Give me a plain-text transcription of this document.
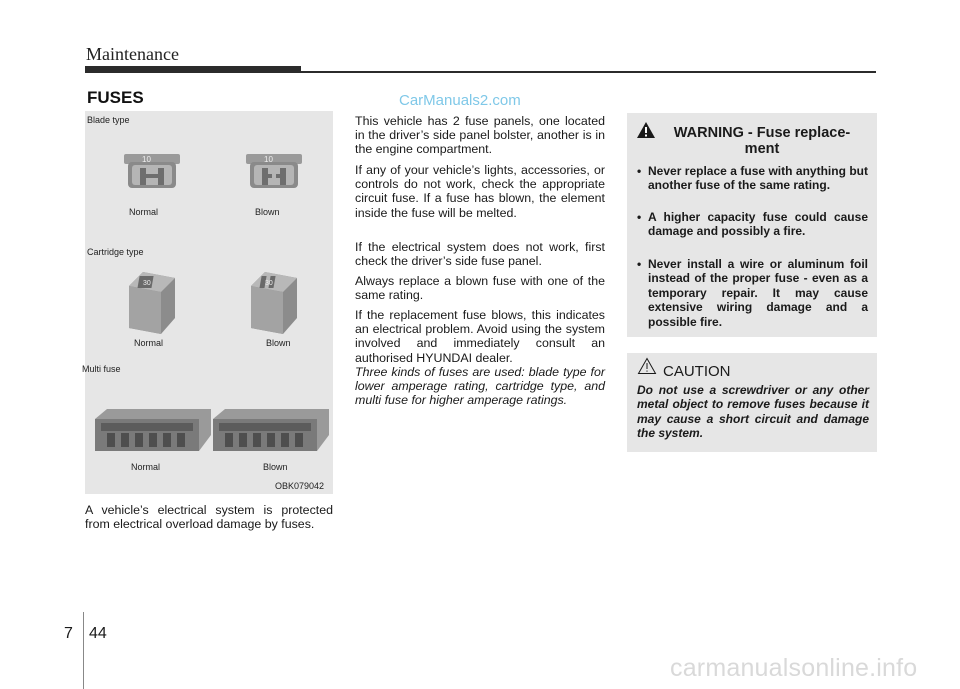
Maintenance
FUSES	CarManuals2.com
Blade type
10	10
Normal	Blown
Cartridge type
30	30
Normal	Blown
Multi fuse
Normal	Blown
OBK079042
A vehicle’s electrical system is protected from electrical overload damage by fuses.
This vehicle has 2 fuse panels, one located in the driver’s side panel bolster, another is in the engine compartment.
If any of your vehicle’s lights, accessories, or controls do not work, check the appropriate circuit fuse. If a fuse has blown, the element inside the fuse will be melted.
If the electrical system does not work, first check the driver’s side fuse panel.
Always replace a blown fuse with one of the same rating.
If the replacement fuse blows, this indicates an electrical problem. Avoid using the system involved and immediately consult an authorised HYUNDAI dealer.
Three kinds of fuses are used: blade type for lower amperage rating, cartridge type, and multi fuse for higher amperage ratings.
WARNING - Fuse replace-
ment
• Never replace a fuse with anything but another fuse of the same rating.
• A higher capacity fuse could cause damage and possibly a fire.
• Never install a wire or aluminum foil instead of the proper fuse - even as a temporary repair. It may cause extensive wiring damage and a possible fire.
CAUTION
Do not use a screwdriver or any other metal object to remove fuses because it may cause a short circuit and damage the system.
7 44
carmanualsonline.info
